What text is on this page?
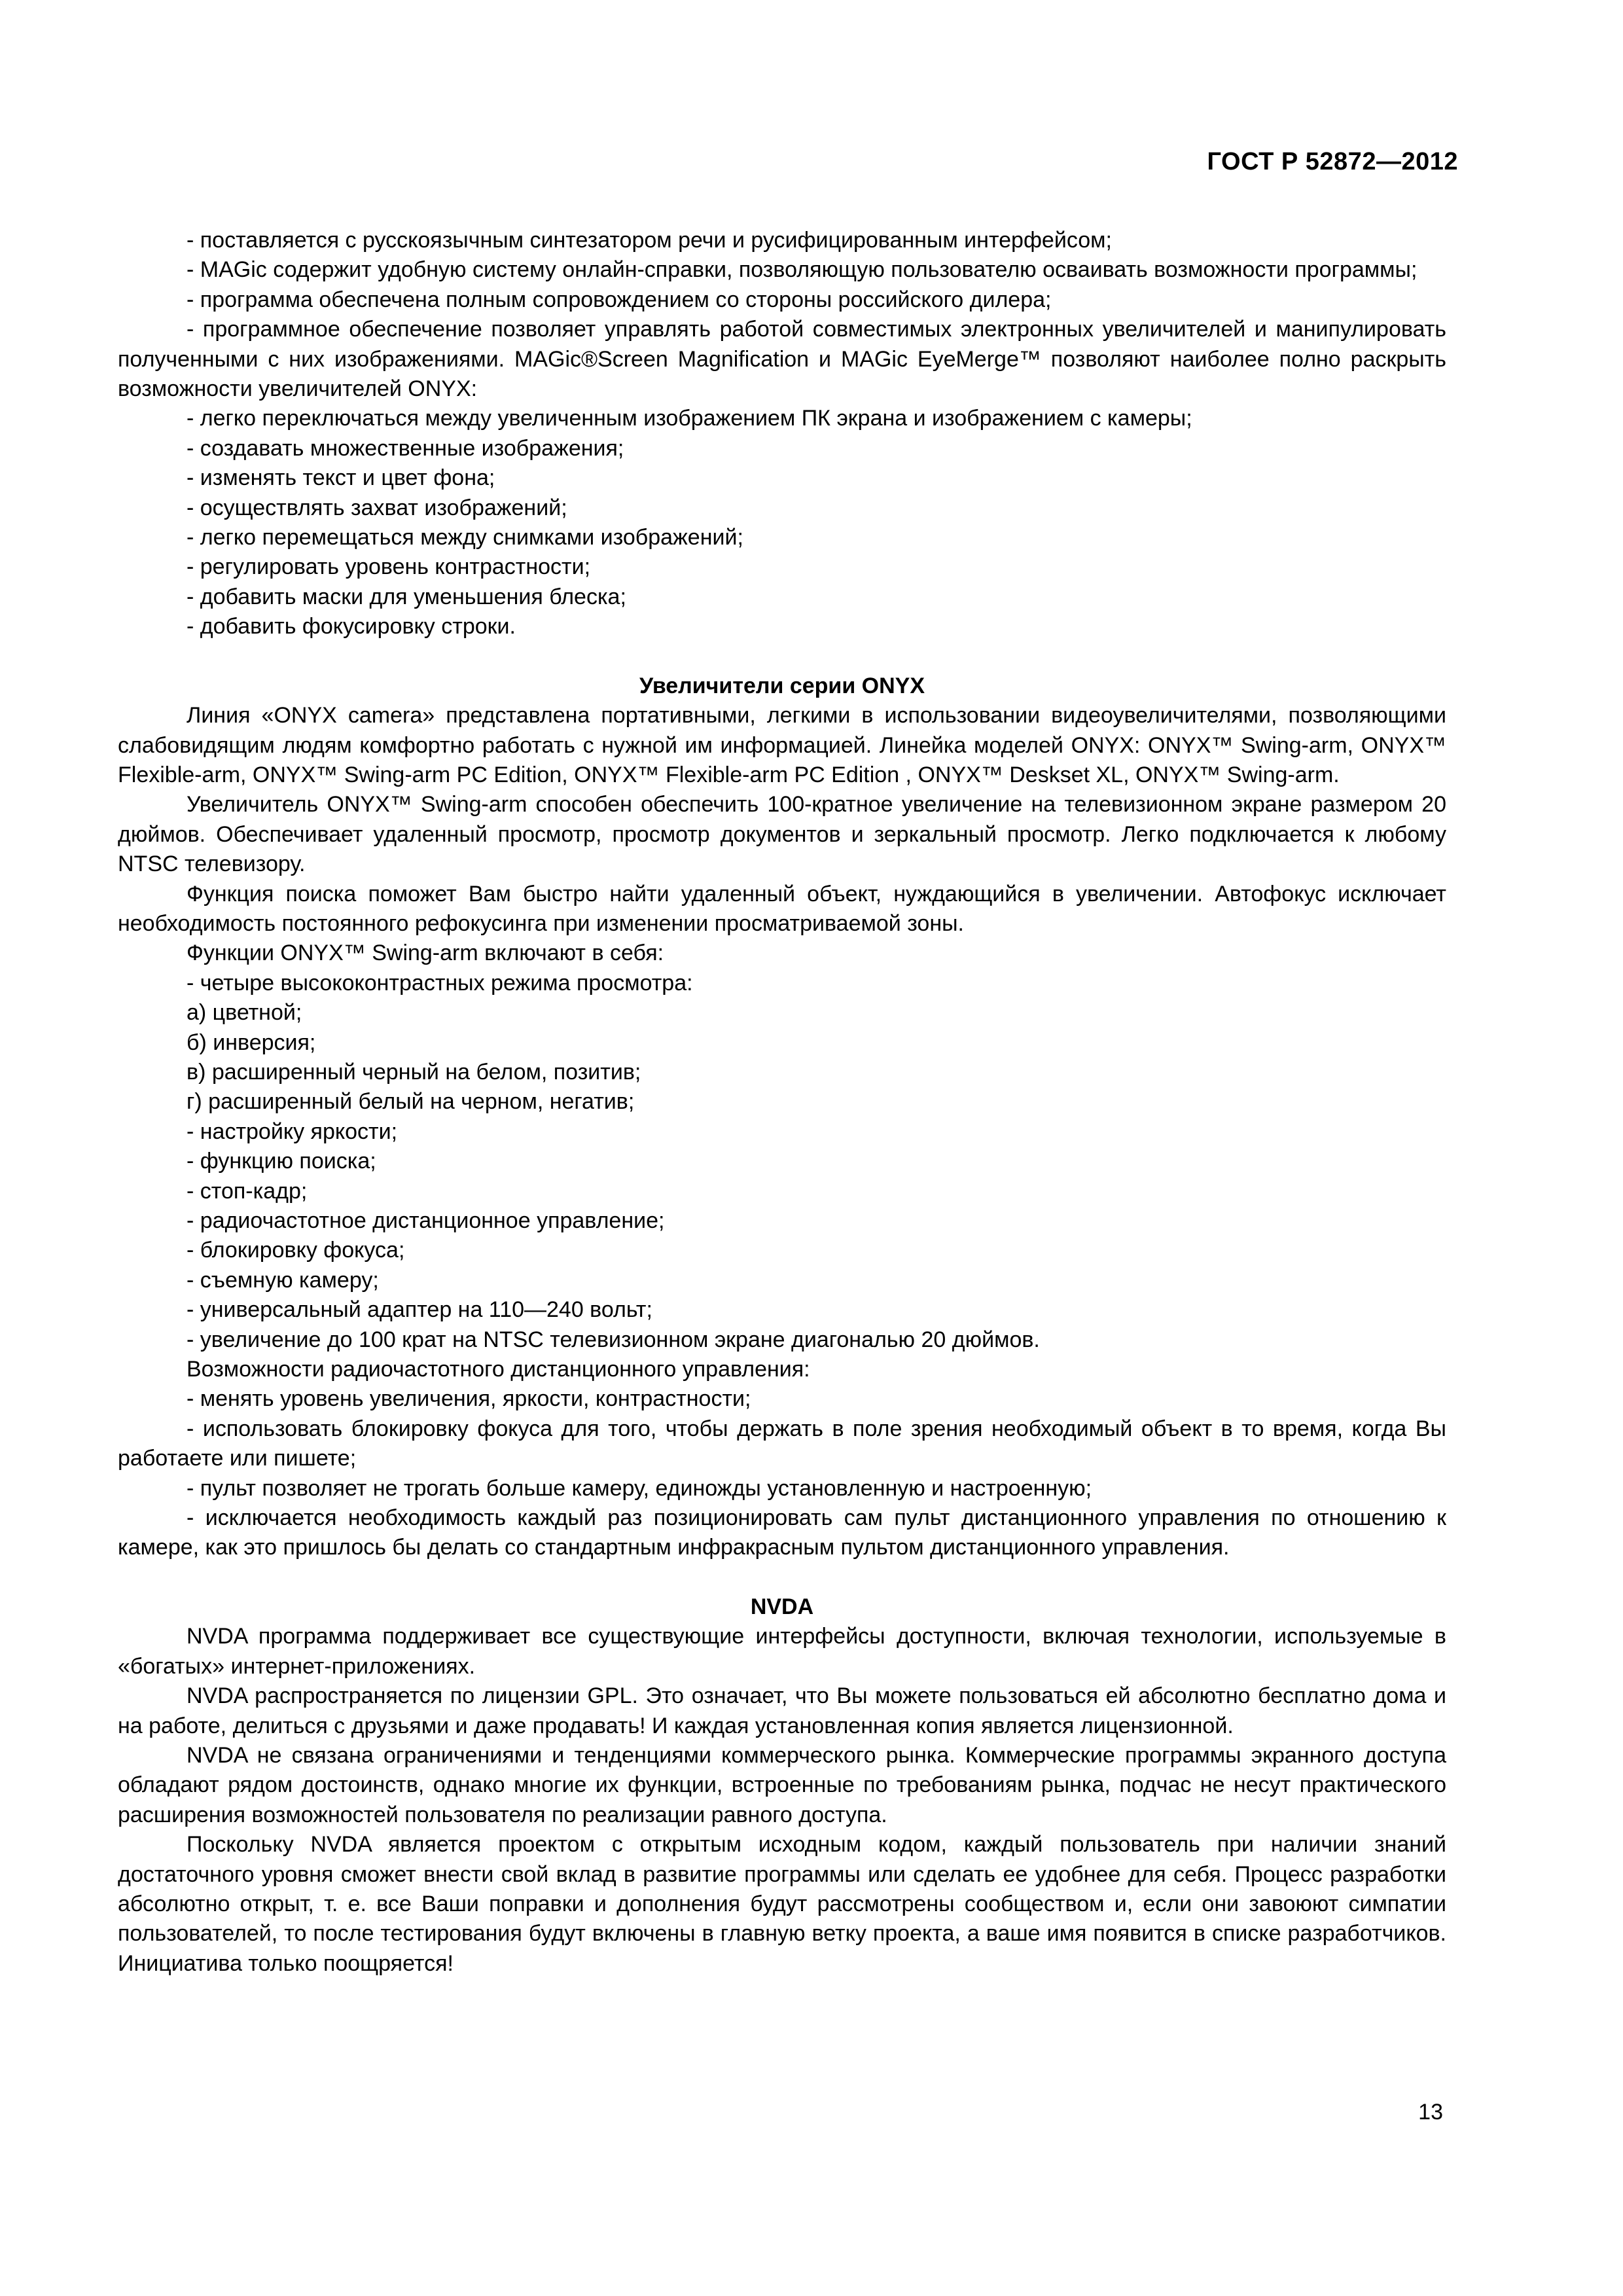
ГОСТ Р 52872—2012

- поставляется с русскоязычным синтезатором речи и русифицированным интерфейсом;

- MAGic содержит удобную систему онлайн-справки, позволяющую пользователю осваивать возможности программы;

- программа обеспечена полным сопровождением со стороны российского дилера;

- программное обеспечение позволяет управлять работой совместимых электронных увеличителей и манипулировать полученными с них изображениями. MAGic®Screen Magnification и MAGic EyeMerge™ позволяют наиболее полно раскрыть возможности увеличителей ONYX:

- легко переключаться между увеличенным изображением ПК экрана и изображением с камеры;

- создавать множественные изображения;

- изменять текст и цвет фона;

- осуществлять захват изображений;

- легко перемещаться между снимками изображений;

- регулировать уровень контрастности;

- добавить маски для уменьшения блеска;

- добавить фокусировку строки.

Увеличители серии ONYX

Линия «ONYX camera» представлена портативными, легкими в использовании видеоувеличителями, позволяющими слабовидящим людям комфортно работать с нужной им информацией. Линейка моделей ONYX: ONYX™ Swing-arm, ONYX™ Flexible-arm, ONYX™ Swing-arm PC Edition, ONYX™ Flexible-arm PC Edition , ONYX™ Deskset XL, ONYX™ Swing-arm.

Увеличитель ONYX™ Swing-arm способен обеспечить 100-кратное увеличение на телевизионном экране размером 20 дюймов. Обеспечивает удаленный просмотр, просмотр документов и зеркальный просмотр. Легко подключается к любому NTSC телевизору.

Функция поиска поможет Вам быстро найти удаленный объект, нуждающийся в увеличении. Автофокус исключает необходимость постоянного рефокусинга при изменении просматриваемой зоны.

Функции ONYX™ Swing-arm включают в себя:

- четыре высококонтрастных режима просмотра:

а) цветной;

б) инверсия;

в) расширенный черный на белом, позитив;

г) расширенный белый на черном, негатив;

- настройку яркости;

- функцию поиска;

- стоп-кадр;

- радиочастотное дистанционное управление;

- блокировку фокуса;

- съемную камеру;

- универсальный адаптер на 110—240 вольт;

- увеличение до 100 крат на NTSC телевизионном экране диагональю 20 дюймов.

Возможности радиочастотного дистанционного управления:

- менять уровень увеличения, яркости, контрастности;

- использовать блокировку фокуса для того, чтобы держать в поле зрения необходимый объект в то время, когда Вы работаете или пишете;

- пульт позволяет не трогать больше камеру, единожды установленную и настроенную;

- исключается необходимость каждый раз позиционировать сам пульт дистанционного управления по отношению к камере, как это пришлось бы делать со стандартным инфракрасным пультом дистанционного управления.

NVDA

NVDA программа поддерживает все существующие интерфейсы доступности, включая технологии, используемые в «богатых» интернет-приложениях.

NVDA распространяется по лицензии GPL. Это означает, что Вы можете пользоваться ей абсолютно бесплатно дома и на работе, делиться с друзьями и даже продавать! И каждая установленная копия является лицензионной.

NVDA не связана ограничениями и тенденциями коммерческого рынка. Коммерческие программы экранного доступа обладают рядом достоинств, однако многие их функции, встроенные по требованиям рынка, подчас не несут практического расширения возможностей пользователя по реализации равного доступа.

Поскольку NVDA является проектом с открытым исходным кодом, каждый пользователь при наличии знаний достаточного уровня сможет внести свой вклад в развитие программы или сделать ее удобнее для себя. Процесс разработки абсолютно открыт, т. е. все Ваши поправки и дополнения будут рассмотрены сообществом и, если они завоюют симпатии пользователей, то после тестирования будут включены в главную ветку проекта, а ваше имя появится в списке разработчиков. Инициатива только поощряется!

13
